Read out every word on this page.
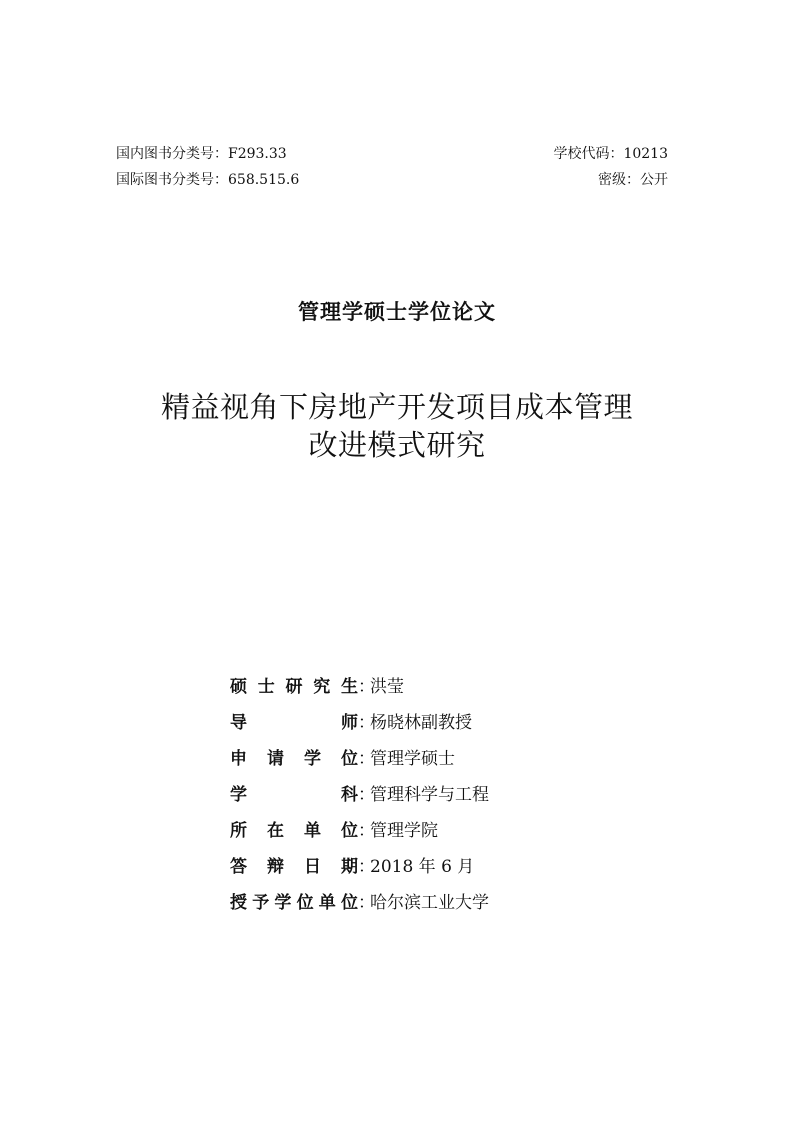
国内图书分类号：F293.33
国际图书分类号：658.515.6
学校代码：10213
密级：公开
管理学硕士学位论文
精益视角下房地产开发项目成本管理
改进模式研究
硕 士 研 究 生 ：
洪莹
导	师 ：
杨晓林副教授
申 请 学 位 ：
管理学硕士
学	科 ：
管理科学与工程
所 在 单 位 ：
管理学院
答 辩 日 期 ：
2018 年 6 月
授 予 学 位 单 位 ：
哈尔滨工业大学
